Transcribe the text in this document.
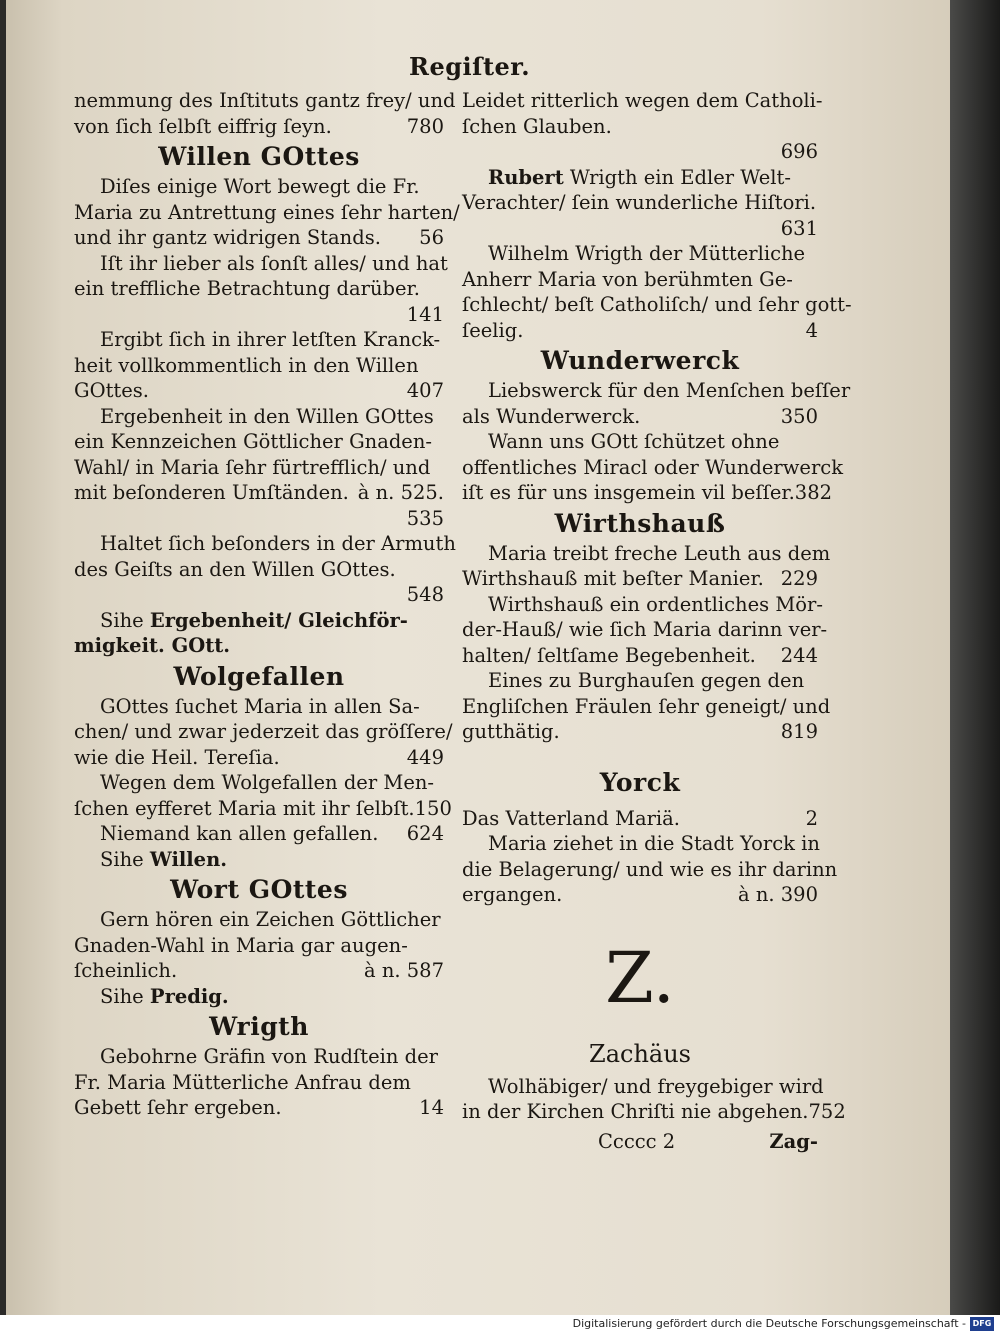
Regiſter.
nemmung des Inſtituts gantz frey/ und
von ſich ſelbſt eiffrig ſeyn.	780
Willen GOttes
Diſes einige Wort bewegt die Fr.
Maria zu Antrettung eines ſehr harten/
und ihr gantz widrigen Stands. 56
Iſt ihr lieber als ſonſt alles/ und hat
ein treffliche Betrachtung darüber.
141
Ergibt ſich in ihrer letſten Kranck-
heit vollkommentlich in den Willen
GOttes.	407
Ergebenheit in den Willen GOttes
ein Kennzeichen Göttlicher Gnaden-
Wahl/ in Maria ſehr fürtrefflich/ und
mit beſonderen Umſtänden. à n. 525.
535
Haltet ſich beſonders in der Armuth
des Geiſts an den Willen GOttes.
548
Sihe Ergebenheit/ Gleichför-
migkeit. GOtt.
Wolgefallen
GOttes ſuchet Maria in allen Sa-
chen/ und zwar jederzeit das gröſſere/
wie die Heil. Tereſia.	449
Wegen dem Wolgefallen der Men-
ſchen eyfferet Maria mit ihr ſelbſt. 150
Niemand kan allen gefallen. 624
Sihe Willen.
Wort GOttes
Gern hören ein Zeichen Göttlicher
Gnaden-Wahl in Maria gar augen-
ſcheinlich.	à n. 587
Sihe Predig.
Wrigth
Gebohrne Gräfin von Rudſtein der
Fr. Maria Mütterliche Anfrau dem
Gebett ſehr ergeben.	14
Leidet ritterlich wegen dem Catholi-
ſchen Glauben.
696
Rubert Wrigth ein Edler Welt-
Verachter/ ſein wunderliche Hiſtori.
631
Wilhelm Wrigth der Mütterliche
Anherr Maria von berühmten Ge-
ſchlecht/ beſt Catholiſch/ und ſehr gott-
ſeelig.	4
Wunderwerck
Liebswerck für den Menſchen beſſer
als Wunderwerck.	350
Wann uns GOtt ſchützet ohne
offentliches Miracl oder Wunderwerck
iſt es für uns insgemein vil beſſer. 382
Wirthshauß
Maria treibt freche Leuth aus dem
Wirthshauß mit beſter Manier. 229
Wirthshauß ein ordentliches Mör-
der-Hauß/ wie ſich Maria darinn ver-
halten/ ſeltſame Begebenheit. 244
Eines zu Burghauſen gegen den
Engliſchen Fräulen ſehr geneigt/ und
gutthätig.	819
Yorck
Das Vatterland Mariä.	2
Maria ziehet in die Stadt Yorck in
die Belagerung/ und wie es ihr darinn
ergangen.	à n. 390
Z.
Zachäus
Wolhäbiger/ und freygebiger wird
in der Kirchen Chriſti nie abgehen. 752
Ccccc 2	Zag-
Digitalisierung gefördert durch die Deutsche Forschungsgemeinschaft - DFG
